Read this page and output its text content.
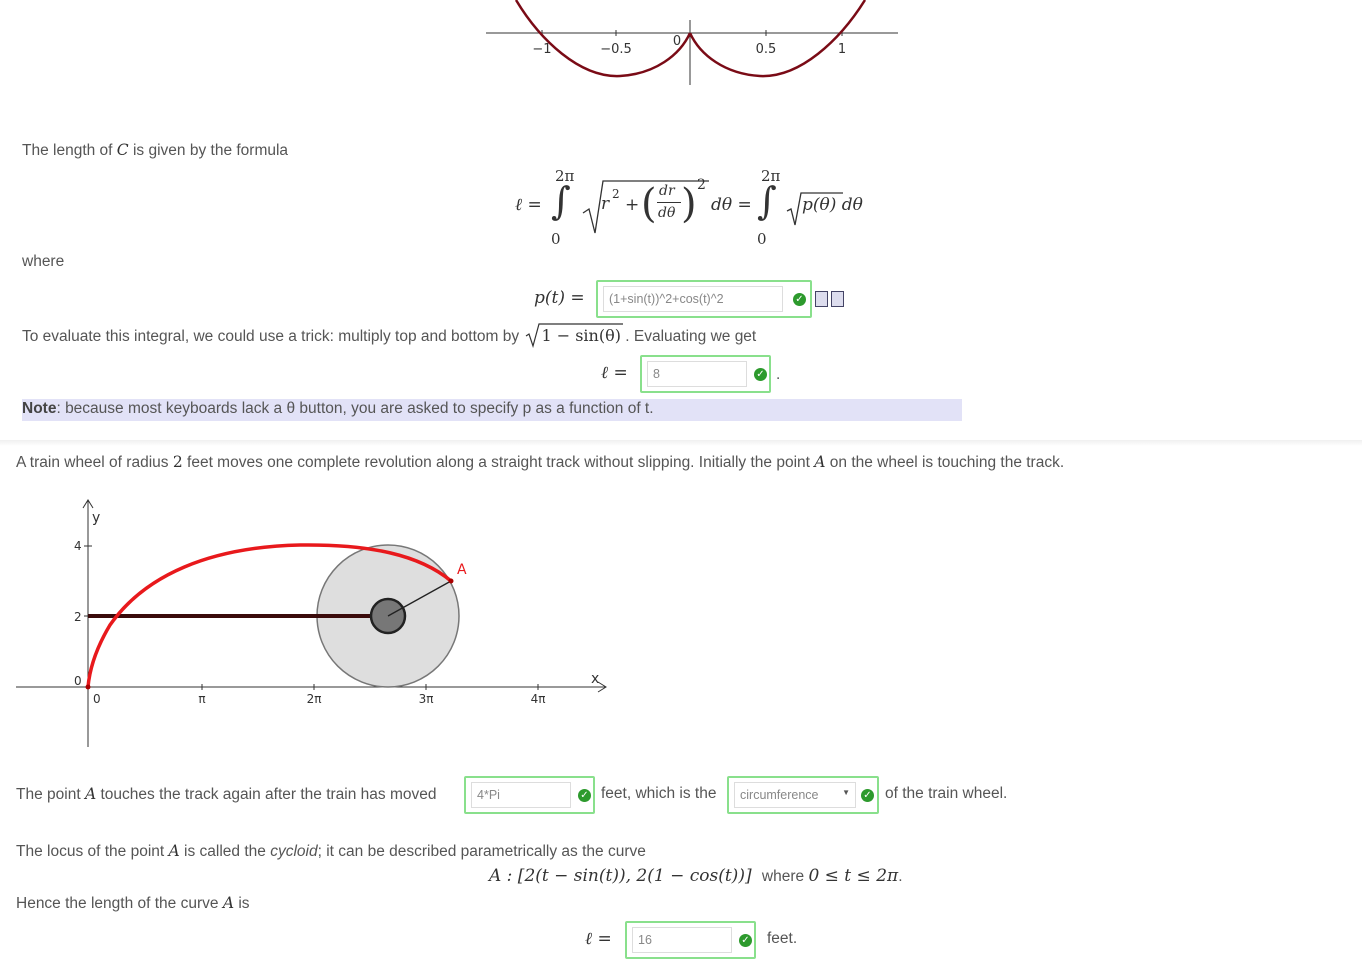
−1	−0.5
0
0.5	1
The length of C is given by the formula
ℓ =
2π
∫
0
r 2
+ ( dr
dθ ) 2
dθ =
2π
∫
0
p(θ) dθ
where
p(t) =	(1+sin(t))^2+cos(t)^2	✓
To evaluate this integral, we could use a trick: multiply top and bottom by 1 − sin(θ) . Evaluating we get
ℓ =	8	✓ .
Note: because most keyboards lack a θ button, you are asked to specify p as a function of t.
A train wheel of radius 2 feet moves one complete revolution along a straight track without slipping. Initially the point A on the wheel is touching the track.
A
y
x
4
2
0
0	π	2π	3π	4π
The point A touches the track again after the train has moved	4*Pi	✓ feet, which is the	circumference	▼ ✓ of the train wheel.
The locus of the point A is called the cycloid; it can be described parametrically as the curve
A : [2(t − sin(t)), 2(1 − cos(t))] where 0 ≤ t ≤ 2π.
Hence the length of the curve A is
ℓ =	16	✓ feet.
